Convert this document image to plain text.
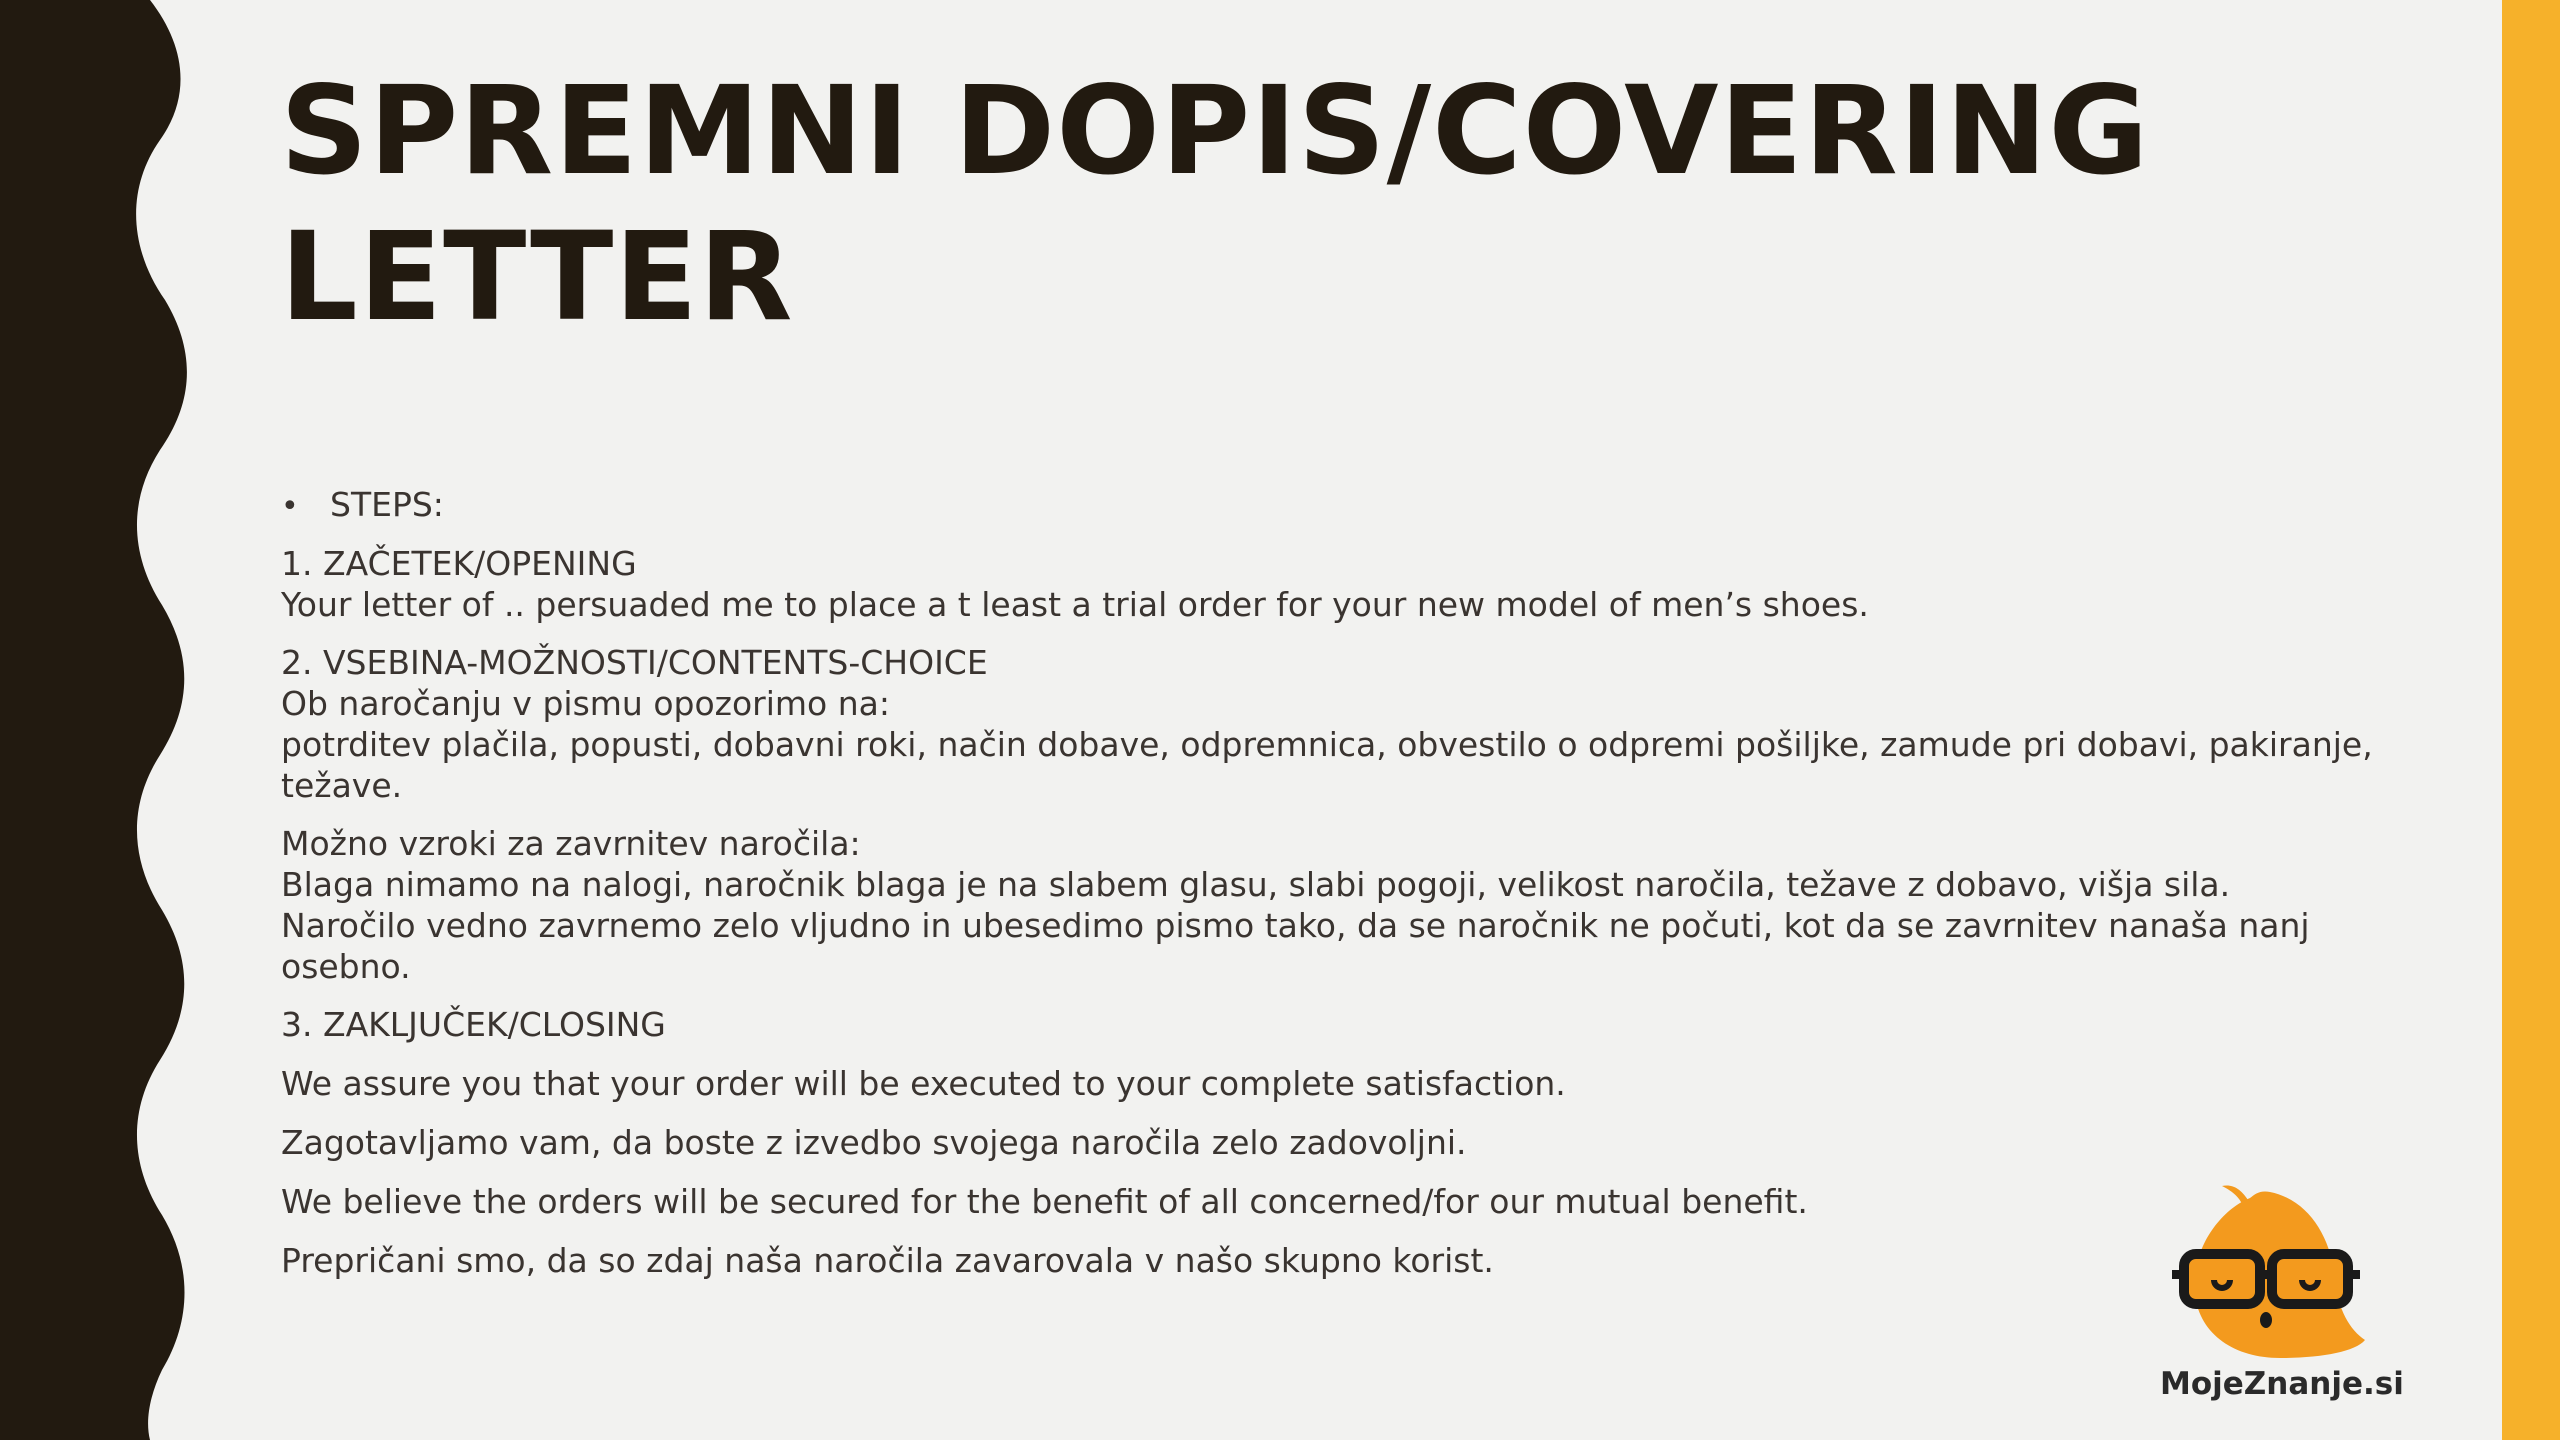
SPREMNI DOPIS/COVERING LETTER

• STEPS:

1. ZAČETEK/OPENING

Your letter of .. persuaded me to place a t least a trial order for your new model of men’s shoes.

2. VSEBINA-MOŽNOSTI/CONTENTS-CHOICE

Ob naročanju v pismu opozorimo na:

potrditev plačila, popusti, dobavni roki, način dobave, odpremnica, obvestilo o odpremi pošiljke, zamude pri dobavi, pakiranje, težave.

Možno vzroki za zavrnitev naročila:

Blaga nimamo na nalogi, naročnik blaga je na slabem glasu, slabi pogoji, velikost naročila, težave z dobavo, višja sila.

Naročilo vedno zavrnemo zelo vljudno in ubesedimo pismo tako, da se naročnik ne počuti, kot da se zavrnitev nanaša nanj osebno.

3. ZAKLJUČEK/CLOSING

We assure you that your order will be executed to your complete satisfaction.

Zagotavljamo vam, da boste z izvedbo svojega naročila zelo zadovoljni.

We believe the orders will be secured for the benefit of all concerned/for our mutual benefit.

Prepričani smo, da so zdaj naša naročila zavarovala v našo skupno korist.

MojeZnanje.si
